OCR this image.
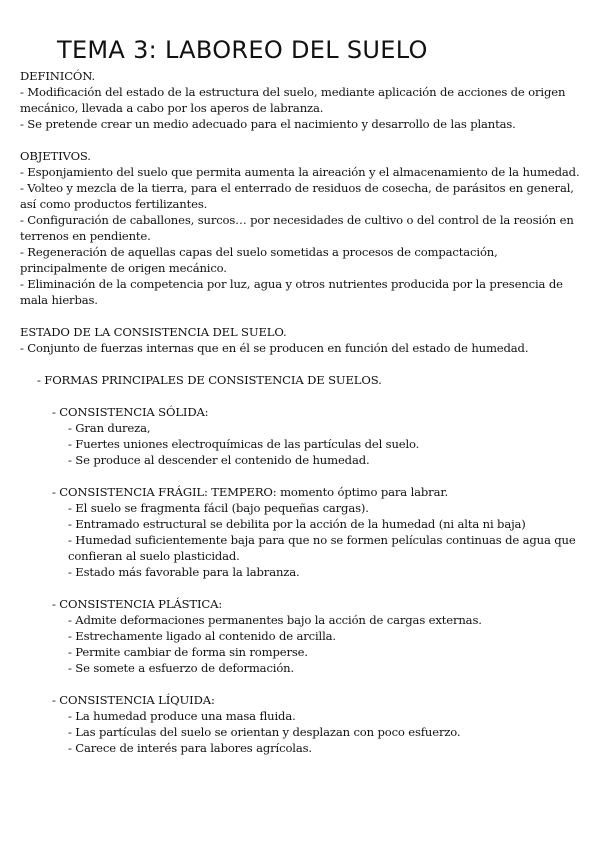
TEMA 3: LABOREO DEL SUELO

DEFINICÓN.

- Modificación del estado de la estructura del suelo, mediante aplicación de acciones de origen mecánico, llevada a cabo por los aperos de labranza.

- Se pretende crear un medio adecuado para el nacimiento y desarrollo de las plantas.

OBJETIVOS.

- Esponjamiento del suelo que permita aumenta la aireación y el almacenamiento de la humedad.

- Volteo y mezcla de la tierra, para el enterrado de residuos de cosecha, de parásitos en general, así como productos fertilizantes.

- Configuración de caballones, surcos… por necesidades de cultivo o del control de la reosión en terrenos en pendiente.

- Regeneración de aquellas capas del suelo sometidas a procesos de compactación, principalmente de origen mecánico.

- Eliminación de la competencia por luz, agua y otros nutrientes producida por la presencia de mala hierbas.

ESTADO DE LA CONSISTENCIA DEL SUELO.

- Conjunto de fuerzas internas que en él se producen en función del estado de humedad.

- FORMAS PRINCIPALES DE CONSISTENCIA DE SUELOS.

- CONSISTENCIA SÓLIDA:

- Gran dureza,

- Fuertes uniones electroquímicas de las partículas del suelo.

- Se produce al descender el contenido de humedad.

- CONSISTENCIA FRÁGIL: TEMPERO: momento óptimo para labrar.

- El suelo se fragmenta fácil (bajo pequeñas cargas).

- Entramado estructural se debilita por la acción de la humedad (ni alta ni baja)

- Humedad suficientemente baja para que no se formen películas continuas de agua que confieran al suelo plasticidad.

- Estado más favorable para la labranza.

- CONSISTENCIA PLÁSTICA:

- Admite deformaciones permanentes bajo la acción de cargas externas.

- Estrechamente ligado al contenido de arcilla.

- Permite cambiar de forma sin romperse.

- Se somete a esfuerzo de deformación.

- CONSISTENCIA LÍQUIDA:

- La humedad produce una masa fluida.

- Las partículas del suelo se orientan y desplazan con poco esfuerzo.

- Carece de interés para labores agrícolas.
